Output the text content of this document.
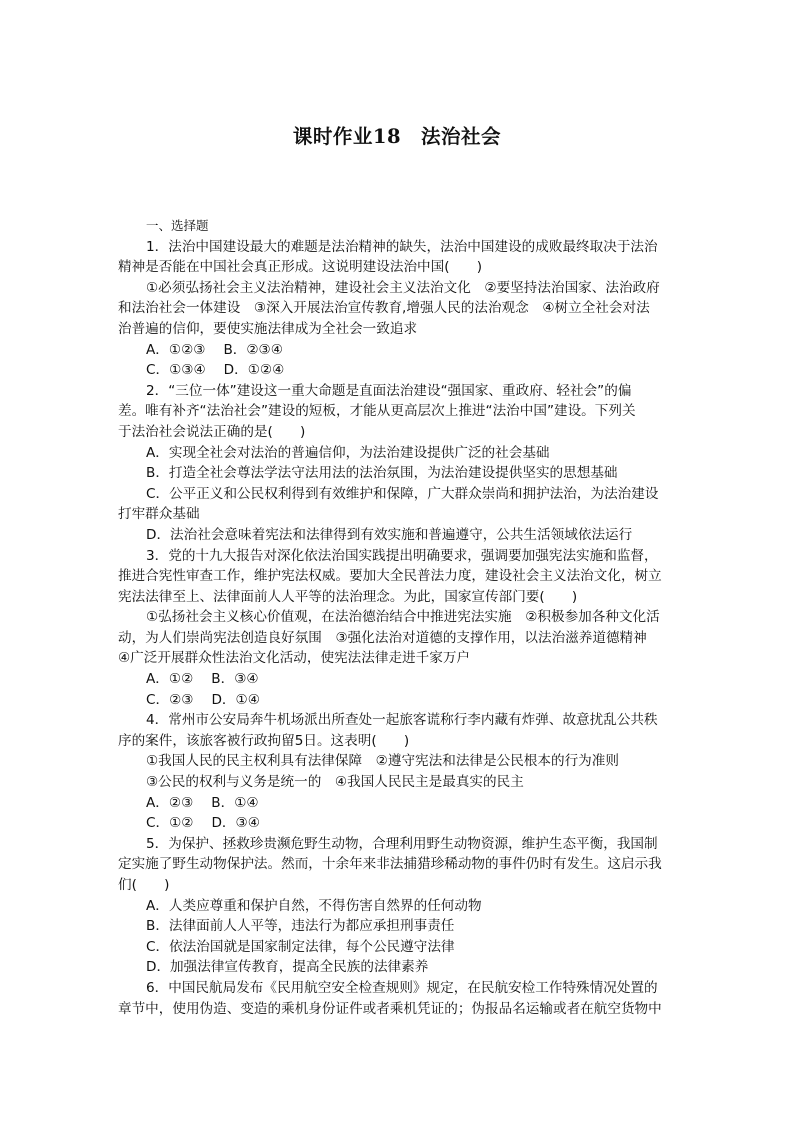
课时作业18　法治社会
一、选择题
1．法治中国建设最大的难题是法治精神的缺失，法治中国建设的成败最终取决于法治
精神是否能在中国社会真正形成。这说明建设法治中国(　　)
①必须弘扬社会主义法治精神，建设社会主义法治文化　②要坚持法治国家、法治政府
和法治社会一体建设　③深入开展法治宣传教育,增强人民的法治观念　④树立全社会对法
治普遍的信仰，要使实施法律成为全社会一致追求
A．①②③ B．②③④
C．①③④ D．①②④
2．“三位一体”建设这一重大命题是直面法治建设“强国家、重政府、轻社会”的偏
差。唯有补齐“法治社会”建设的短板，才能从更高层次上推进“法治中国”建设。下列关
于法治社会说法正确的是(　　)
A．实现全社会对法治的普遍信仰，为法治建设提供广泛的社会基础
B．打造全社会尊法学法守法用法的法治氛围，为法治建设提供坚实的思想基础
C．公平正义和公民权利得到有效维护和保障，广大群众崇尚和拥护法治，为法治建设
打牢群众基础
D．法治社会意味着宪法和法律得到有效实施和普遍遵守，公共生活领域依法运行
3．党的十九大报告对深化依法治国实践提出明确要求，强调要加强宪法实施和监督，
推进合宪性审查工作，维护宪法权威。要加大全民普法力度，建设社会主义法治文化，树立
宪法法律至上、法律面前人人平等的法治理念。为此，国家宣传部门要(　　)
①弘扬社会主义核心价值观，在法治德治结合中推进宪法实施　②积极参加各种文化活
动，为人们崇尚宪法创造良好氛围　③强化法治对道德的支撑作用，以法治滋养道德精神
④广泛开展群众性法治文化活动，使宪法法律走进千家万户
A．①② B．③④
C．②③ D．①④
4．常州市公安局奔牛机场派出所查处一起旅客谎称行李内藏有炸弹、故意扰乱公共秩
序的案件，该旅客被行政拘留5日。这表明(　　)
①我国人民的民主权利具有法律保障　②遵守宪法和法律是公民根本的行为准则
③公民的权利与义务是统一的　④我国人民民主是最真实的民主
A．②③ B．①④
C．①② D．③④
5．为保护、拯救珍贵濒危野生动物，合理利用野生动物资源，维护生态平衡，我国制
定实施了野生动物保护法。然而，十余年来非法捕猎珍稀动物的事件仍时有发生。这启示我
们(　　)
A．人类应尊重和保护自然，不得伤害自然界的任何动物
B．法律面前人人平等，违法行为都应承担刑事责任
C．依法治国就是国家制定法律，每个公民遵守法律
D．加强法律宣传教育，提高全民族的法律素养
6．中国民航局发布《民用航空安全检查规则》规定，在民航安检工作特殊情况处置的
章节中，使用伪造、变造的乘机身份证件或者乘机凭证的；伪报品名运输或者在航空货物中
